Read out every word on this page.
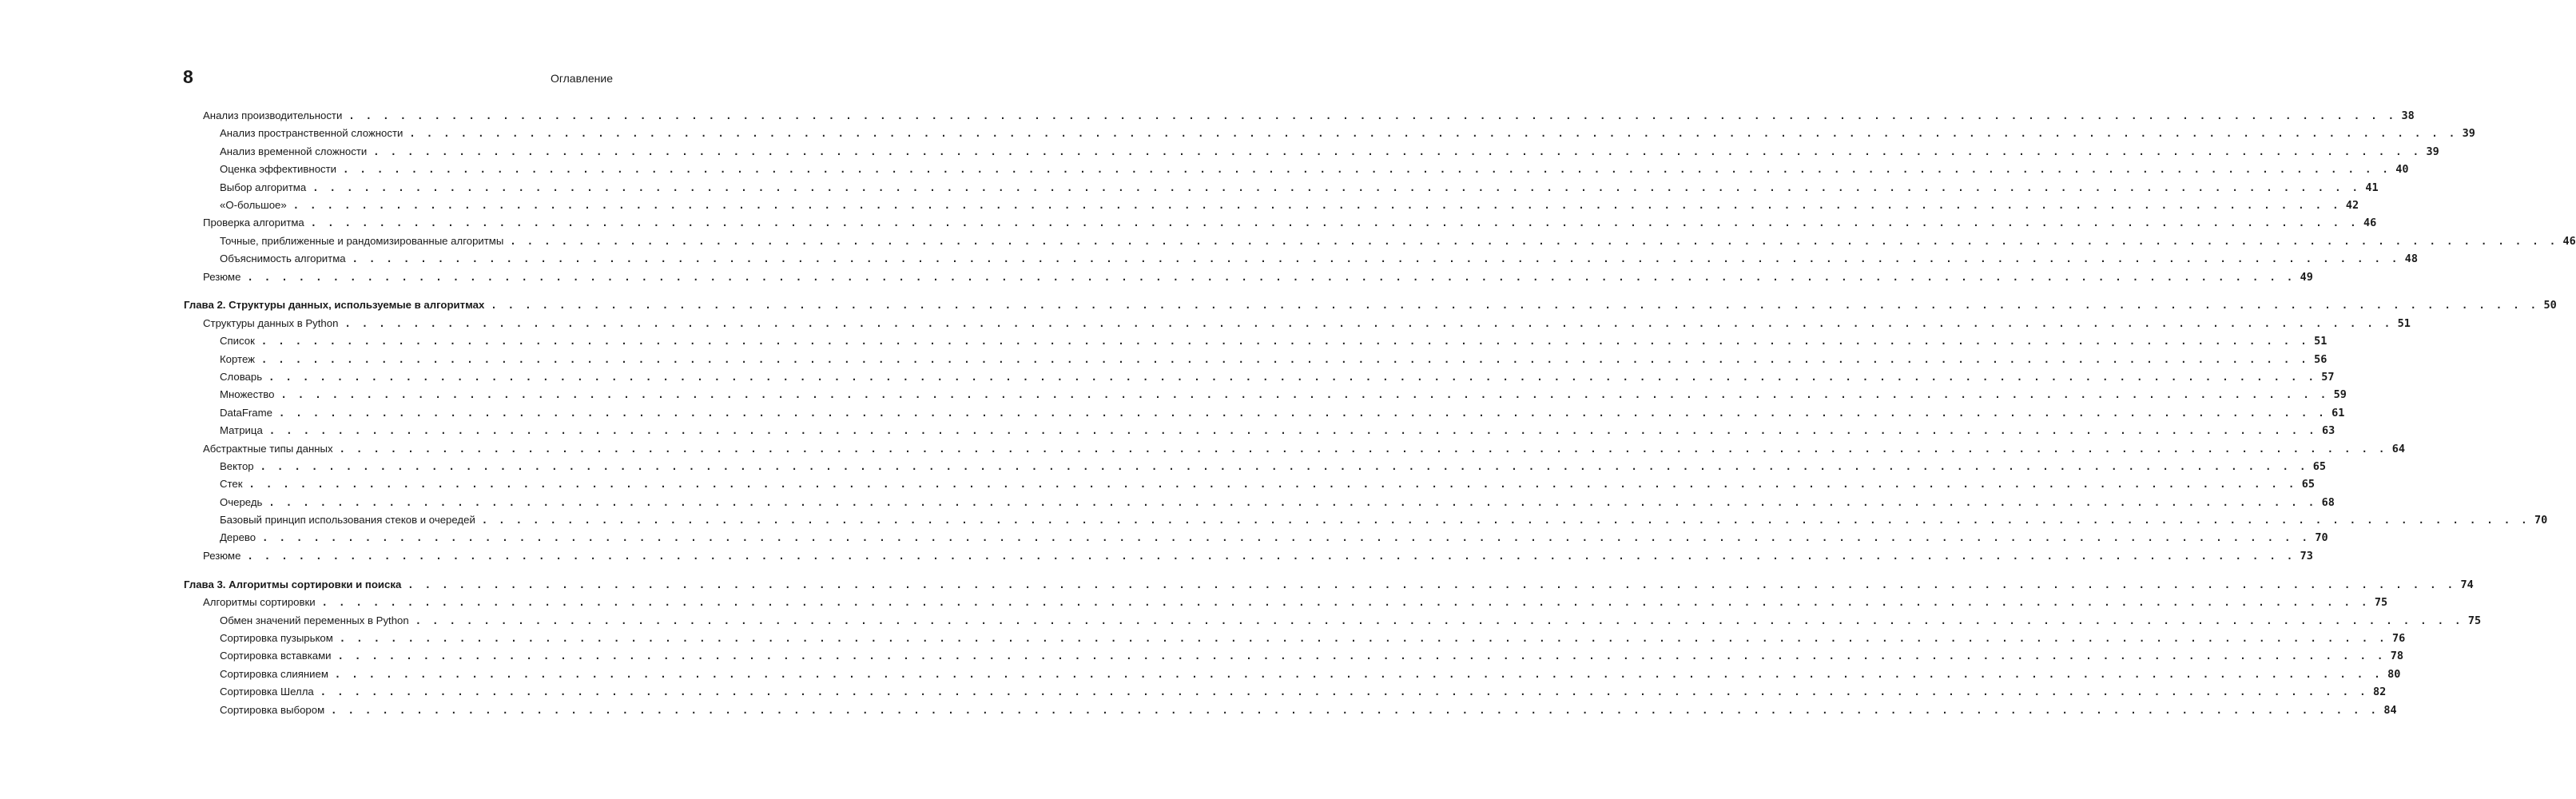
8	Оглавление
Анализ производительности . . . . . . . . . . . . . . . . . . . . . . . . . . . . . . . . . . . . . . . . . . . . . . . . . . . . . . . . . . . . . . . . . . . . . . . . . . . . . . . . . . . . . . . . . . . . . . . . . . . . . . . . . . . . . . . . . . . . . . . . 38
Анализ пространственной сложности . . . . . . . . . . . . . . . . . . . . . . . . . . . . . . . . . . . . . . . . . . . . . . . . . . . . . . . . . . . . . . . . . . . . . . . . . . . . . . . . . . . . . . . . . . . . . . . . . . . . . . . . . . . . . . . . . . . . . . . . 39
Анализ временной сложности . . . . . . . . . . . . . . . . . . . . . . . . . . . . . . . . . . . . . . . . . . . . . . . . . . . . . . . . . . . . . . . . . . . . . . . . . . . . . . . . . . . . . . . . . . . . . . . . . . . . . . . . . . . . . . . . . . . . . . . . 39
Оценка эффективности . . . . . . . . . . . . . . . . . . . . . . . . . . . . . . . . . . . . . . . . . . . . . . . . . . . . . . . . . . . . . . . . . . . . . . . . . . . . . . . . . . . . . . . . . . . . . . . . . . . . . . . . . . . . . . . . . . . . . . . . 40
Выбор алгоритма . . . . . . . . . . . . . . . . . . . . . . . . . . . . . . . . . . . . . . . . . . . . . . . . . . . . . . . . . . . . . . . . . . . . . . . . . . . . . . . . . . . . . . . . . . . . . . . . . . . . . . . . . . . . . . . . . . . . . . . . 41
«О-большое» . . . . . . . . . . . . . . . . . . . . . . . . . . . . . . . . . . . . . . . . . . . . . . . . . . . . . . . . . . . . . . . . . . . . . . . . . . . . . . . . . . . . . . . . . . . . . . . . . . . . . . . . . . . . . . . . . . . . . . . . 42
Проверка алгоритма . . . . . . . . . . . . . . . . . . . . . . . . . . . . . . . . . . . . . . . . . . . . . . . . . . . . . . . . . . . . . . . . . . . . . . . . . . . . . . . . . . . . . . . . . . . . . . . . . . . . . . . . . . . . . . . . . . . . . . . . 46
Точные, приближенные и рандомизированные алгоритмы . . . . . . . . . . . . . . . . . . . . . . . . . . . . . . . . . . . . . . . . . . . . . . . . . . . . . . . . . . . . . . . . . . . . . . . . . . . . . . . . . . . . . . . . . . . . . . . . . . . . . . . . . . . . . . . . . . . . . . . . 46
Объяснимость алгоритма . . . . . . . . . . . . . . . . . . . . . . . . . . . . . . . . . . . . . . . . . . . . . . . . . . . . . . . . . . . . . . . . . . . . . . . . . . . . . . . . . . . . . . . . . . . . . . . . . . . . . . . . . . . . . . . . . . . . . . . . 48
Резюме . . . . . . . . . . . . . . . . . . . . . . . . . . . . . . . . . . . . . . . . . . . . . . . . . . . . . . . . . . . . . . . . . . . . . . . . . . . . . . . . . . . . . . . . . . . . . . . . . . . . . . . . . . . . . . . . . . . . . . . . 49
Глава 2. Структуры данных, используемые в алгоритмах . . . . . . . . . . . . . . . . . . . . . . . . . . . . . . . . . . . . . . . . . . . . . . . . . . . . . . . . . . . . . . . . . . . . . . . . . . . . . . . . . . . . . . . . . . . . . . . . . . . . . . . . . . . . . . . . . . . . . . . . 50
Структуры данных в Python . . . . . . . . . . . . . . . . . . . . . . . . . . . . . . . . . . . . . . . . . . . . . . . . . . . . . . . . . . . . . . . . . . . . . . . . . . . . . . . . . . . . . . . . . . . . . . . . . . . . . . . . . . . . . . . . . . . . . . . . 51
Список . . . . . . . . . . . . . . . . . . . . . . . . . . . . . . . . . . . . . . . . . . . . . . . . . . . . . . . . . . . . . . . . . . . . . . . . . . . . . . . . . . . . . . . . . . . . . . . . . . . . . . . . . . . . . . . . . . . . . . . . 51
Кортеж . . . . . . . . . . . . . . . . . . . . . . . . . . . . . . . . . . . . . . . . . . . . . . . . . . . . . . . . . . . . . . . . . . . . . . . . . . . . . . . . . . . . . . . . . . . . . . . . . . . . . . . . . . . . . . . . . . . . . . . . 56
Словарь . . . . . . . . . . . . . . . . . . . . . . . . . . . . . . . . . . . . . . . . . . . . . . . . . . . . . . . . . . . . . . . . . . . . . . . . . . . . . . . . . . . . . . . . . . . . . . . . . . . . . . . . . . . . . . . . . . . . . . . . 57
Множество . . . . . . . . . . . . . . . . . . . . . . . . . . . . . . . . . . . . . . . . . . . . . . . . . . . . . . . . . . . . . . . . . . . . . . . . . . . . . . . . . . . . . . . . . . . . . . . . . . . . . . . . . . . . . . . . . . . . . . . . 59
DataFrame . . . . . . . . . . . . . . . . . . . . . . . . . . . . . . . . . . . . . . . . . . . . . . . . . . . . . . . . . . . . . . . . . . . . . . . . . . . . . . . . . . . . . . . . . . . . . . . . . . . . . . . . . . . . . . . . . . . . . . . . 61
Матрица . . . . . . . . . . . . . . . . . . . . . . . . . . . . . . . . . . . . . . . . . . . . . . . . . . . . . . . . . . . . . . . . . . . . . . . . . . . . . . . . . . . . . . . . . . . . . . . . . . . . . . . . . . . . . . . . . . . . . . . . 63
Абстрактные типы данных . . . . . . . . . . . . . . . . . . . . . . . . . . . . . . . . . . . . . . . . . . . . . . . . . . . . . . . . . . . . . . . . . . . . . . . . . . . . . . . . . . . . . . . . . . . . . . . . . . . . . . . . . . . . . . . . . . . . . . . . 64
Вектор . . . . . . . . . . . . . . . . . . . . . . . . . . . . . . . . . . . . . . . . . . . . . . . . . . . . . . . . . . . . . . . . . . . . . . . . . . . . . . . . . . . . . . . . . . . . . . . . . . . . . . . . . . . . . . . . . . . . . . . . 65
Стек . . . . . . . . . . . . . . . . . . . . . . . . . . . . . . . . . . . . . . . . . . . . . . . . . . . . . . . . . . . . . . . . . . . . . . . . . . . . . . . . . . . . . . . . . . . . . . . . . . . . . . . . . . . . . . . . . . . . . . . . 65
Очередь . . . . . . . . . . . . . . . . . . . . . . . . . . . . . . . . . . . . . . . . . . . . . . . . . . . . . . . . . . . . . . . . . . . . . . . . . . . . . . . . . . . . . . . . . . . . . . . . . . . . . . . . . . . . . . . . . . . . . . . . 68
Базовый принцип использования стеков и очередей . . . . . . . . . . . . . . . . . . . . . . . . . . . . . . . . . . . . . . . . . . . . . . . . . . . . . . . . . . . . . . . . . . . . . . . . . . . . . . . . . . . . . . . . . . . . . . . . . . . . . . . . . . . . . . . . . . . . . . . . 70
Дерево . . . . . . . . . . . . . . . . . . . . . . . . . . . . . . . . . . . . . . . . . . . . . . . . . . . . . . . . . . . . . . . . . . . . . . . . . . . . . . . . . . . . . . . . . . . . . . . . . . . . . . . . . . . . . . . . . . . . . . . . 70
Резюме . . . . . . . . . . . . . . . . . . . . . . . . . . . . . . . . . . . . . . . . . . . . . . . . . . . . . . . . . . . . . . . . . . . . . . . . . . . . . . . . . . . . . . . . . . . . . . . . . . . . . . . . . . . . . . . . . . . . . . . . 73
Глава 3. Алгоритмы сортировки и поиска . . . . . . . . . . . . . . . . . . . . . . . . . . . . . . . . . . . . . . . . . . . . . . . . . . . . . . . . . . . . . . . . . . . . . . . . . . . . . . . . . . . . . . . . . . . . . . . . . . . . . . . . . . . . . . . . . . . . . . . . 74
Алгоритмы сортировки . . . . . . . . . . . . . . . . . . . . . . . . . . . . . . . . . . . . . . . . . . . . . . . . . . . . . . . . . . . . . . . . . . . . . . . . . . . . . . . . . . . . . . . . . . . . . . . . . . . . . . . . . . . . . . . . . . . . . . . . 75
Обмен значений переменных в Python . . . . . . . . . . . . . . . . . . . . . . . . . . . . . . . . . . . . . . . . . . . . . . . . . . . . . . . . . . . . . . . . . . . . . . . . . . . . . . . . . . . . . . . . . . . . . . . . . . . . . . . . . . . . . . . . . . . . . . . . 75
Сортировка пузырьком . . . . . . . . . . . . . . . . . . . . . . . . . . . . . . . . . . . . . . . . . . . . . . . . . . . . . . . . . . . . . . . . . . . . . . . . . . . . . . . . . . . . . . . . . . . . . . . . . . . . . . . . . . . . . . . . . . . . . . . . 76
Сортировка вставками . . . . . . . . . . . . . . . . . . . . . . . . . . . . . . . . . . . . . . . . . . . . . . . . . . . . . . . . . . . . . . . . . . . . . . . . . . . . . . . . . . . . . . . . . . . . . . . . . . . . . . . . . . . . . . . . . . . . . . . . 78
Сортировка слиянием . . . . . . . . . . . . . . . . . . . . . . . . . . . . . . . . . . . . . . . . . . . . . . . . . . . . . . . . . . . . . . . . . . . . . . . . . . . . . . . . . . . . . . . . . . . . . . . . . . . . . . . . . . . . . . . . . . . . . . . . 80
Сортировка Шелла . . . . . . . . . . . . . . . . . . . . . . . . . . . . . . . . . . . . . . . . . . . . . . . . . . . . . . . . . . . . . . . . . . . . . . . . . . . . . . . . . . . . . . . . . . . . . . . . . . . . . . . . . . . . . . . . . . . . . . . . 82
Сортировка выбором . . . . . . . . . . . . . . . . . . . . . . . . . . . . . . . . . . . . . . . . . . . . . . . . . . . . . . . . . . . . . . . . . . . . . . . . . . . . . . . . . . . . . . . . . . . . . . . . . . . . . . . . . . . . . . . . . . . . . . . . 84
